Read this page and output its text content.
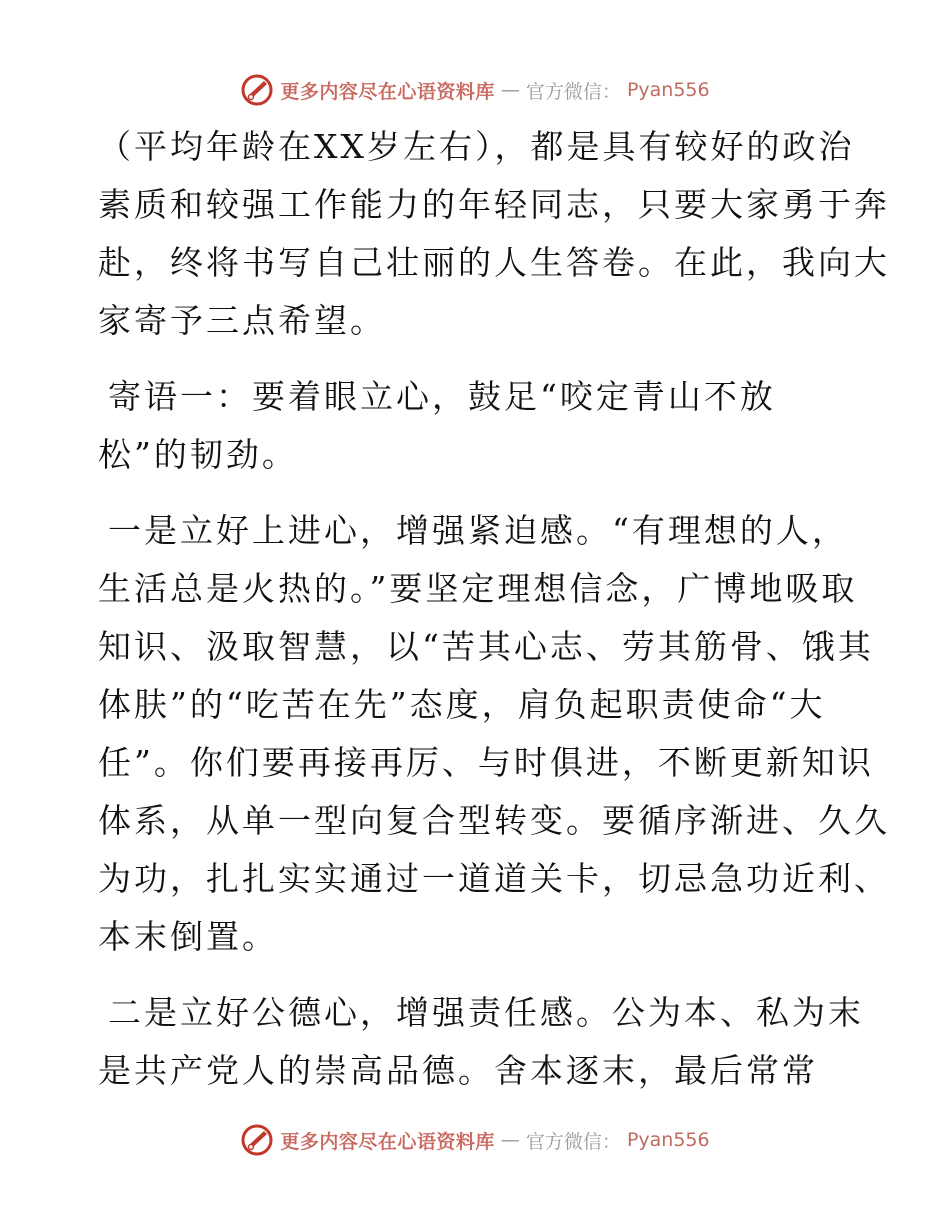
更多内容尽在心语资料库 — 官方微信： Pyan556
（平均年龄在XX岁左右），都是具有较好的政治
素质和较强工作能力的年轻同志，只要大家勇于奔
赴，终将书写自己壮丽的人生答卷。在此，我向大
家寄予三点希望。
寄语一：要着眼立心，鼓足“咬定青山不放
松”的韧劲。
一是立好上进心，增强紧迫感。“有理想的人，
生活总是火热的。”要坚定理想信念，广博地吸取
知识、汲取智慧，以“苦其心志、劳其筋骨、饿其
体肤”的“吃苦在先”态度，肩负起职责使命“大
任”。你们要再接再厉、与时俱进，不断更新知识
体系，从单一型向复合型转变。要循序渐进、久久
为功，扎扎实实通过一道道关卡，切忌急功近利、
本末倒置。
二是立好公德心，增强责任感。公为本、私为末
是共产党人的崇高品德。舍本逐末，最后常常
更多内容尽在心语资料库 — 官方微信： Pyan556
